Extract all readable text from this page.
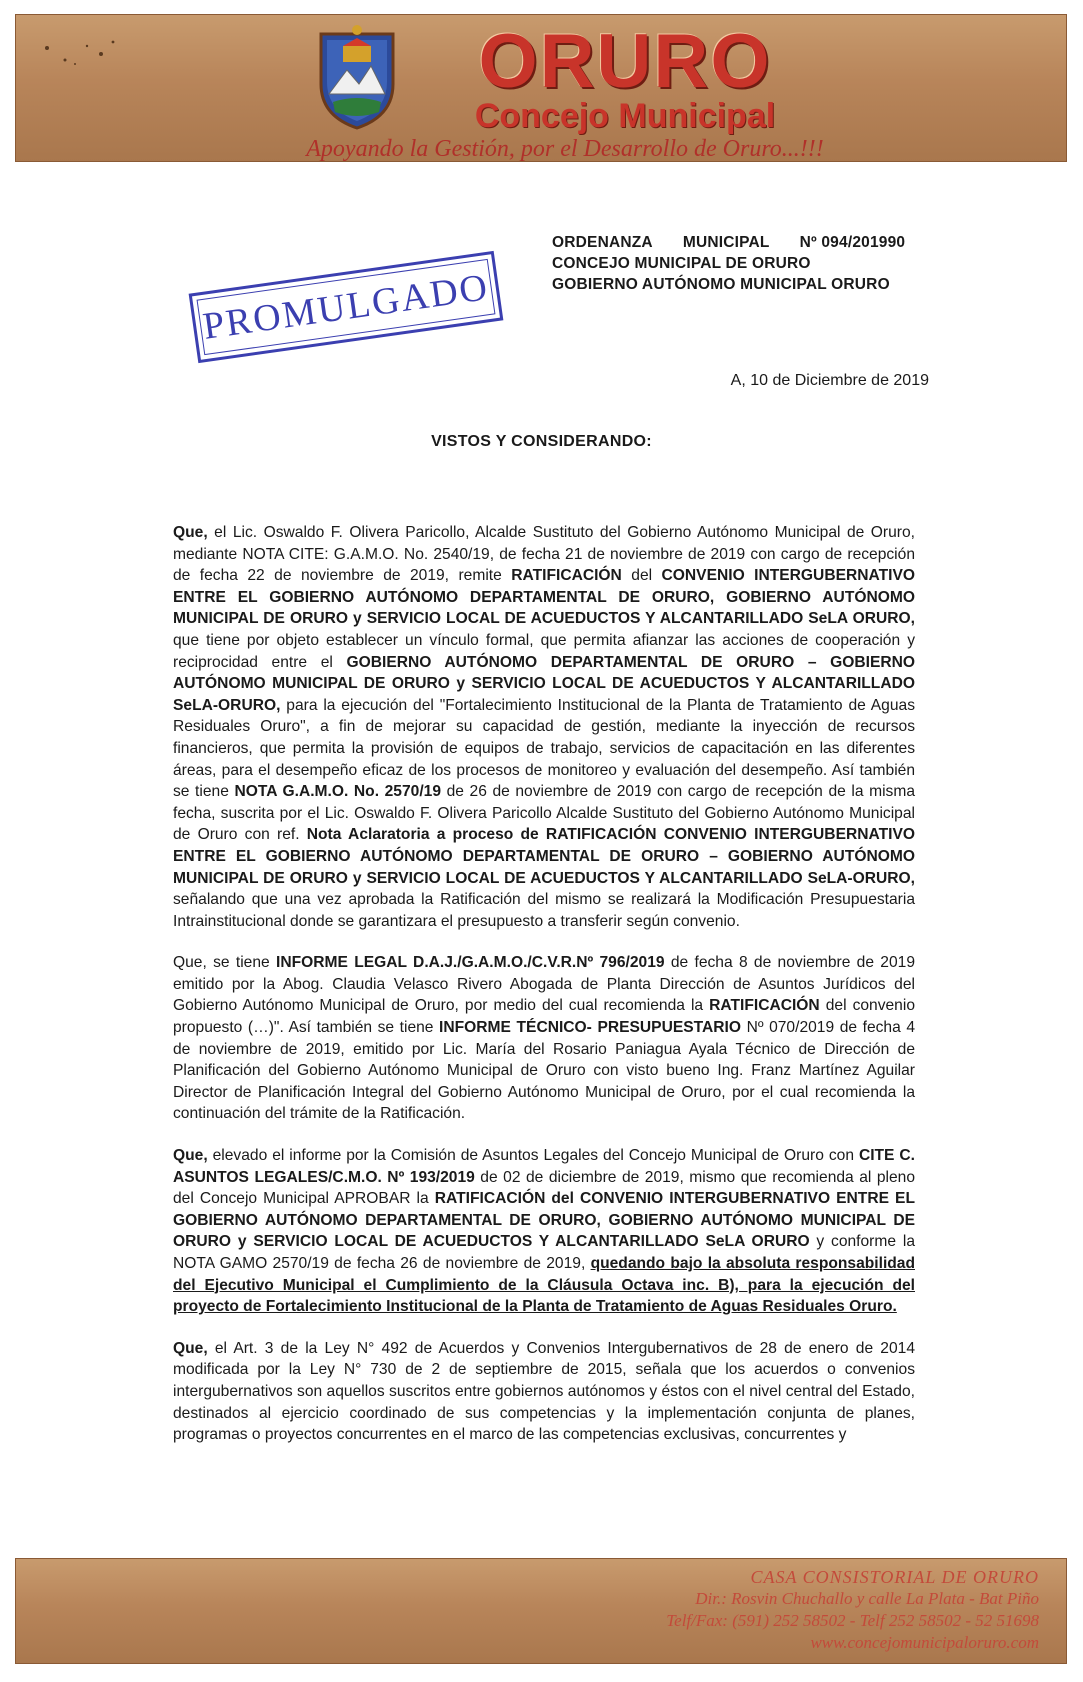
ORURO
Concejo Municipal
Apoyando la Gestión, por el Desarrollo de Oruro...!!!
ORDENANZA MUNICIPAL Nº 094/201990
CONCEJO MUNICIPAL DE ORURO
GOBIERNO AUTÓNOMO MUNICIPAL ORURO
PROMULGADO
A, 10 de Diciembre de 2019
VISTOS Y CONSIDERANDO:

Que, el Lic. Oswaldo F. Olivera Paricollo, Alcalde Sustituto del Gobierno Autónomo Municipal de Oruro, mediante NOTA CITE: G.A.M.O. No. 2540/19, de fecha 21 de noviembre de 2019 con cargo de recepción de fecha 22 de noviembre de 2019, remite RATIFICACIÓN del CONVENIO INTERGUBERNATIVO ENTRE EL GOBIERNO AUTÓNOMO DEPARTAMENTAL DE ORURO, GOBIERNO AUTÓNOMO MUNICIPAL DE ORURO y SERVICIO LOCAL DE ACUEDUCTOS Y ALCANTARILLADO SeLA ORURO, que tiene por objeto establecer un vínculo formal, que permita afianzar las acciones de cooperación y reciprocidad entre el GOBIERNO AUTÓNOMO DEPARTAMENTAL DE ORURO – GOBIERNO AUTÓNOMO MUNICIPAL DE ORURO y SERVICIO LOCAL DE ACUEDUCTOS Y ALCANTARILLADO SeLA-ORURO, para la ejecución del "Fortalecimiento Institucional de la Planta de Tratamiento de Aguas Residuales Oruro", a fin de mejorar su capacidad de gestión, mediante la inyección de recursos financieros, que permita la provisión de equipos de trabajo, servicios de capacitación en las diferentes áreas, para el desempeño eficaz de los procesos de monitoreo y evaluación del desempeño. Así también se tiene NOTA G.A.M.O. No. 2570/19 de 26 de noviembre de 2019 con cargo de recepción de la misma fecha, suscrita por el Lic. Oswaldo F. Olivera Paricollo Alcalde Sustituto del Gobierno Autónomo Municipal de Oruro con ref. Nota Aclaratoria a proceso de RATIFICACIÓN CONVENIO INTERGUBERNATIVO ENTRE EL GOBIERNO AUTÓNOMO DEPARTAMENTAL DE ORURO – GOBIERNO AUTÓNOMO MUNICIPAL DE ORURO y SERVICIO LOCAL DE ACUEDUCTOS Y ALCANTARILLADO SeLA-ORURO, señalando que una vez aprobada la Ratificación del mismo se realizará la Modificación Presupuestaria Intrainstitucional donde se garantizara el presupuesto a transferir según convenio.

Que, se tiene INFORME LEGAL D.A.J./G.A.M.O./C.V.R.Nº 796/2019 de fecha 8 de noviembre de 2019 emitido por la Abog. Claudia Velasco Rivero Abogada de Planta Dirección de Asuntos Jurídicos del Gobierno Autónomo Municipal de Oruro, por medio del cual recomienda la RATIFICACIÓN del convenio propuesto (…)". Así también se tiene INFORME TÉCNICO- PRESUPUESTARIO Nº 070/2019 de fecha 4 de noviembre de 2019, emitido por Lic. María del Rosario Paniagua Ayala Técnico de Dirección de Planificación del Gobierno Autónomo Municipal de Oruro con visto bueno Ing. Franz Martínez Aguilar Director de Planificación Integral del Gobierno Autónomo Municipal de Oruro, por el cual recomienda la continuación del trámite de la Ratificación.

Que, elevado el informe por la Comisión de Asuntos Legales del Concejo Municipal de Oruro con CITE C. ASUNTOS LEGALES/C.M.O. Nº 193/2019 de 02 de diciembre de 2019, mismo que recomienda al pleno del Concejo Municipal APROBAR la RATIFICACIÓN del CONVENIO INTERGUBERNATIVO ENTRE EL GOBIERNO AUTÓNOMO DEPARTAMENTAL DE ORURO, GOBIERNO AUTÓNOMO MUNICIPAL DE ORURO y SERVICIO LOCAL DE ACUEDUCTOS Y ALCANTARILLADO SeLA ORURO y conforme la NOTA GAMO 2570/19 de fecha 26 de noviembre de 2019, quedando bajo la absoluta responsabilidad del Ejecutivo Municipal el Cumplimiento de la Cláusula Octava inc. B), para la ejecución del proyecto de Fortalecimiento Institucional de la Planta de Tratamiento de Aguas Residuales Oruro.

Que, el Art. 3 de la Ley N° 492 de Acuerdos y Convenios Intergubernativos de 28 de enero de 2014 modificada por la Ley N° 730 de 2 de septiembre de 2015, señala que los acuerdos o convenios intergubernativos son aquellos suscritos entre gobiernos autónomos y éstos con el nivel central del Estado, destinados al ejercicio coordinado de sus competencias y la implementación conjunta de planes, programas o proyectos concurrentes en el marco de las competencias exclusivas, concurrentes y

CASA CONSISTORIAL DE ORURO
Dir.: Rosvin Chuchallo y calle La Plata - Bat Piño
Telf/Fax: (591) 252 58502 - Telf 252 58502 - 52 51698
www.concejomunicipaloruro.com
